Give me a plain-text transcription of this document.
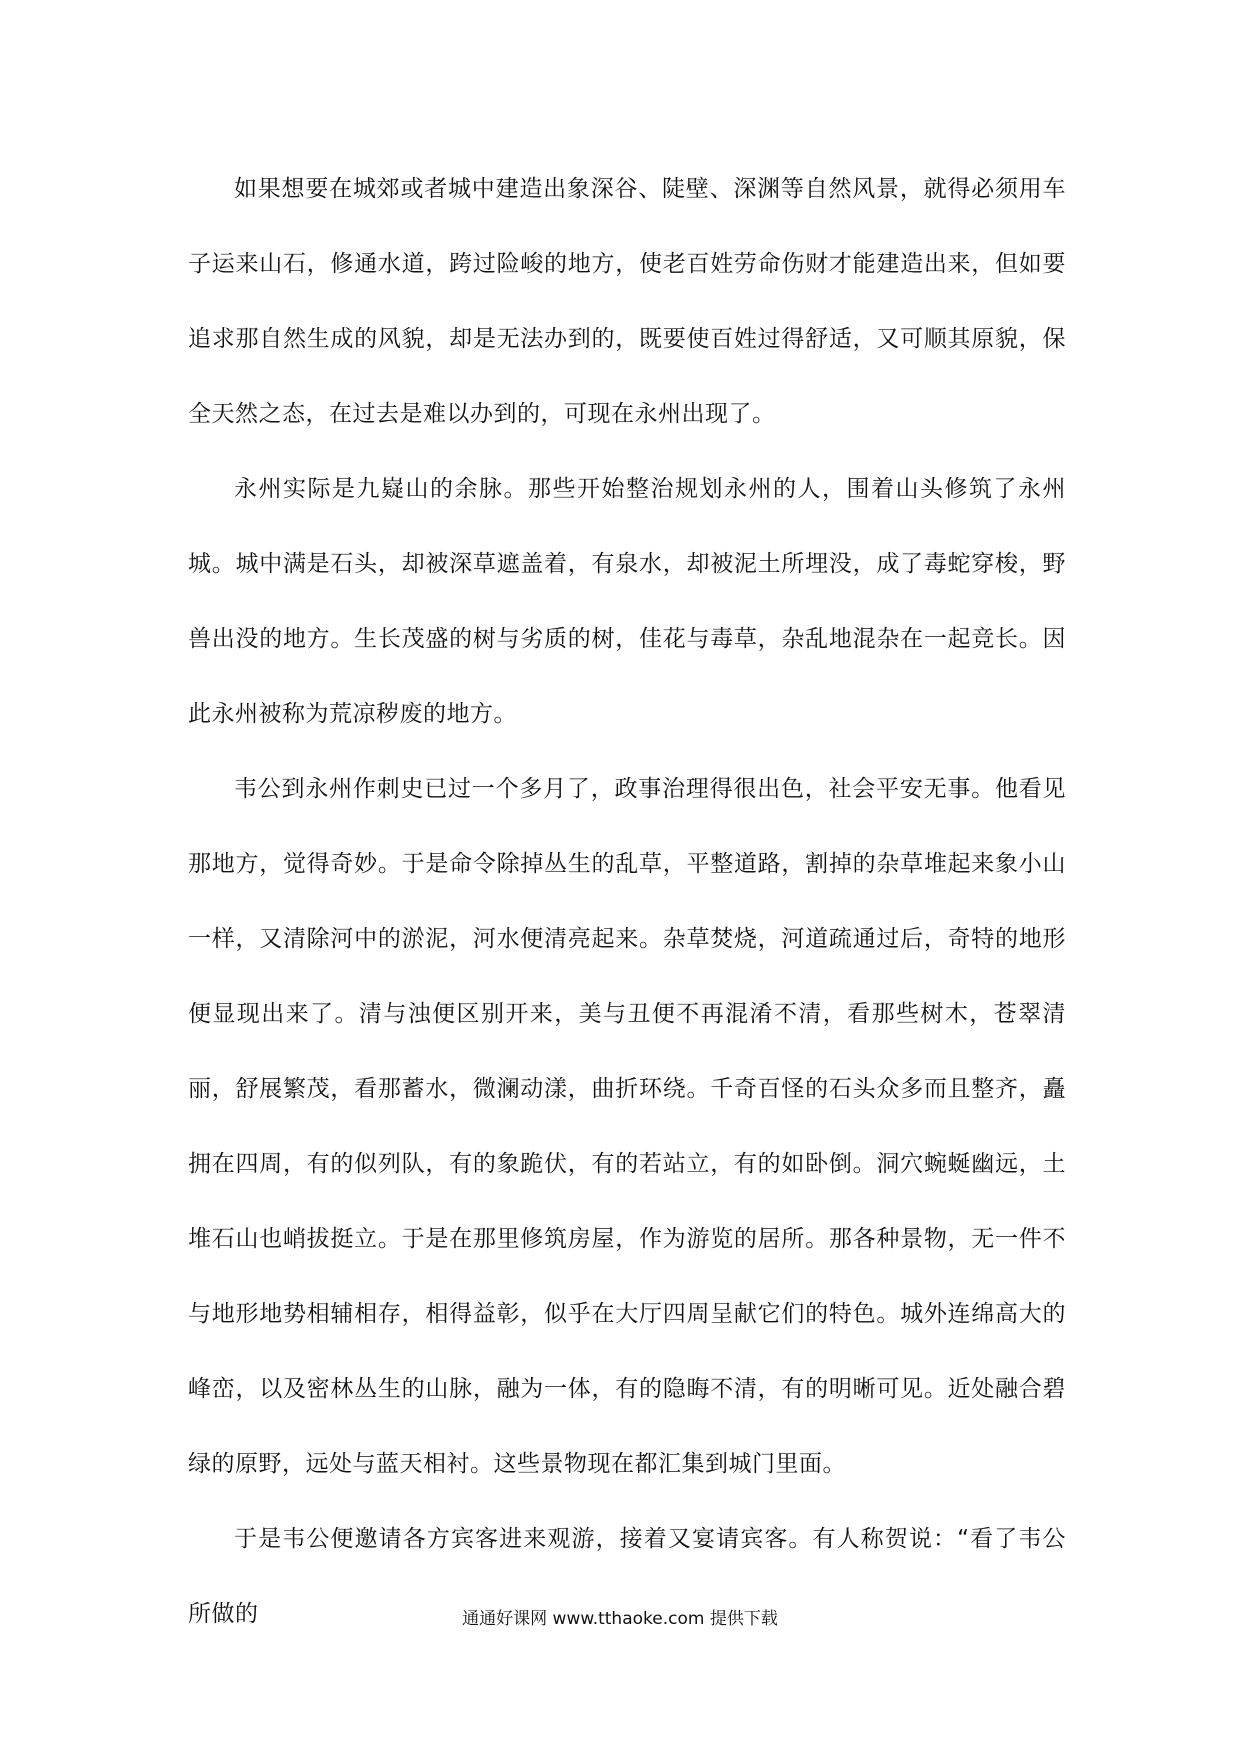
如果想要在城郊或者城中建造出象深谷、陡壁、深渊等自然风景，就得必须用车子运来山石，修通水道，跨过险峻的地方，使老百姓劳命伤财才能建造出来，但如要追求那自然生成的风貌，却是无法办到的，既要使百姓过得舒适，又可顺其原貌，保全天然之态，在过去是难以办到的，可现在永州出现了。

永州实际是九嶷山的余脉。那些开始整治规划永州的人，围着山头修筑了永州城。城中满是石头，却被深草遮盖着，有泉水，却被泥土所埋没，成了毒蛇穿梭，野兽出没的地方。生长茂盛的树与劣质的树，佳花与毒草，杂乱地混杂在一起竞长。因此永州被称为荒凉秽废的地方。

韦公到永州作刺史已过一个多月了，政事治理得很出色，社会平安无事。他看见那地方，觉得奇妙。于是命令除掉丛生的乱草，平整道路，割掉的杂草堆起来象小山一样，又清除河中的淤泥，河水便清亮起来。杂草焚烧，河道疏通过后，奇特的地形便显现出来了。清与浊便区别开来，美与丑便不再混淆不清，看那些树木，苍翠清丽，舒展繁茂，看那蓄水，微澜动漾，曲折环绕。千奇百怪的石头众多而且整齐，矗拥在四周，有的似列队，有的象跪伏，有的若站立，有的如卧倒。洞穴蜿蜒幽远，土堆石山也峭拔挺立。于是在那里修筑房屋，作为游览的居所。那各种景物，无一件不与地形地势相辅相存，相得益彰，似乎在大厅四周呈献它们的特色。城外连绵高大的峰峦，以及密林丛生的山脉，融为一体，有的隐晦不清，有的明晰可见。近处融合碧绿的原野，远处与蓝天相衬。这些景物现在都汇集到城门里面。

于是韦公便邀请各方宾客进来观游，接着又宴请宾客。有人称贺说：“看了韦公所做的	通通好课网 www.tthaoke.com 提供下载
